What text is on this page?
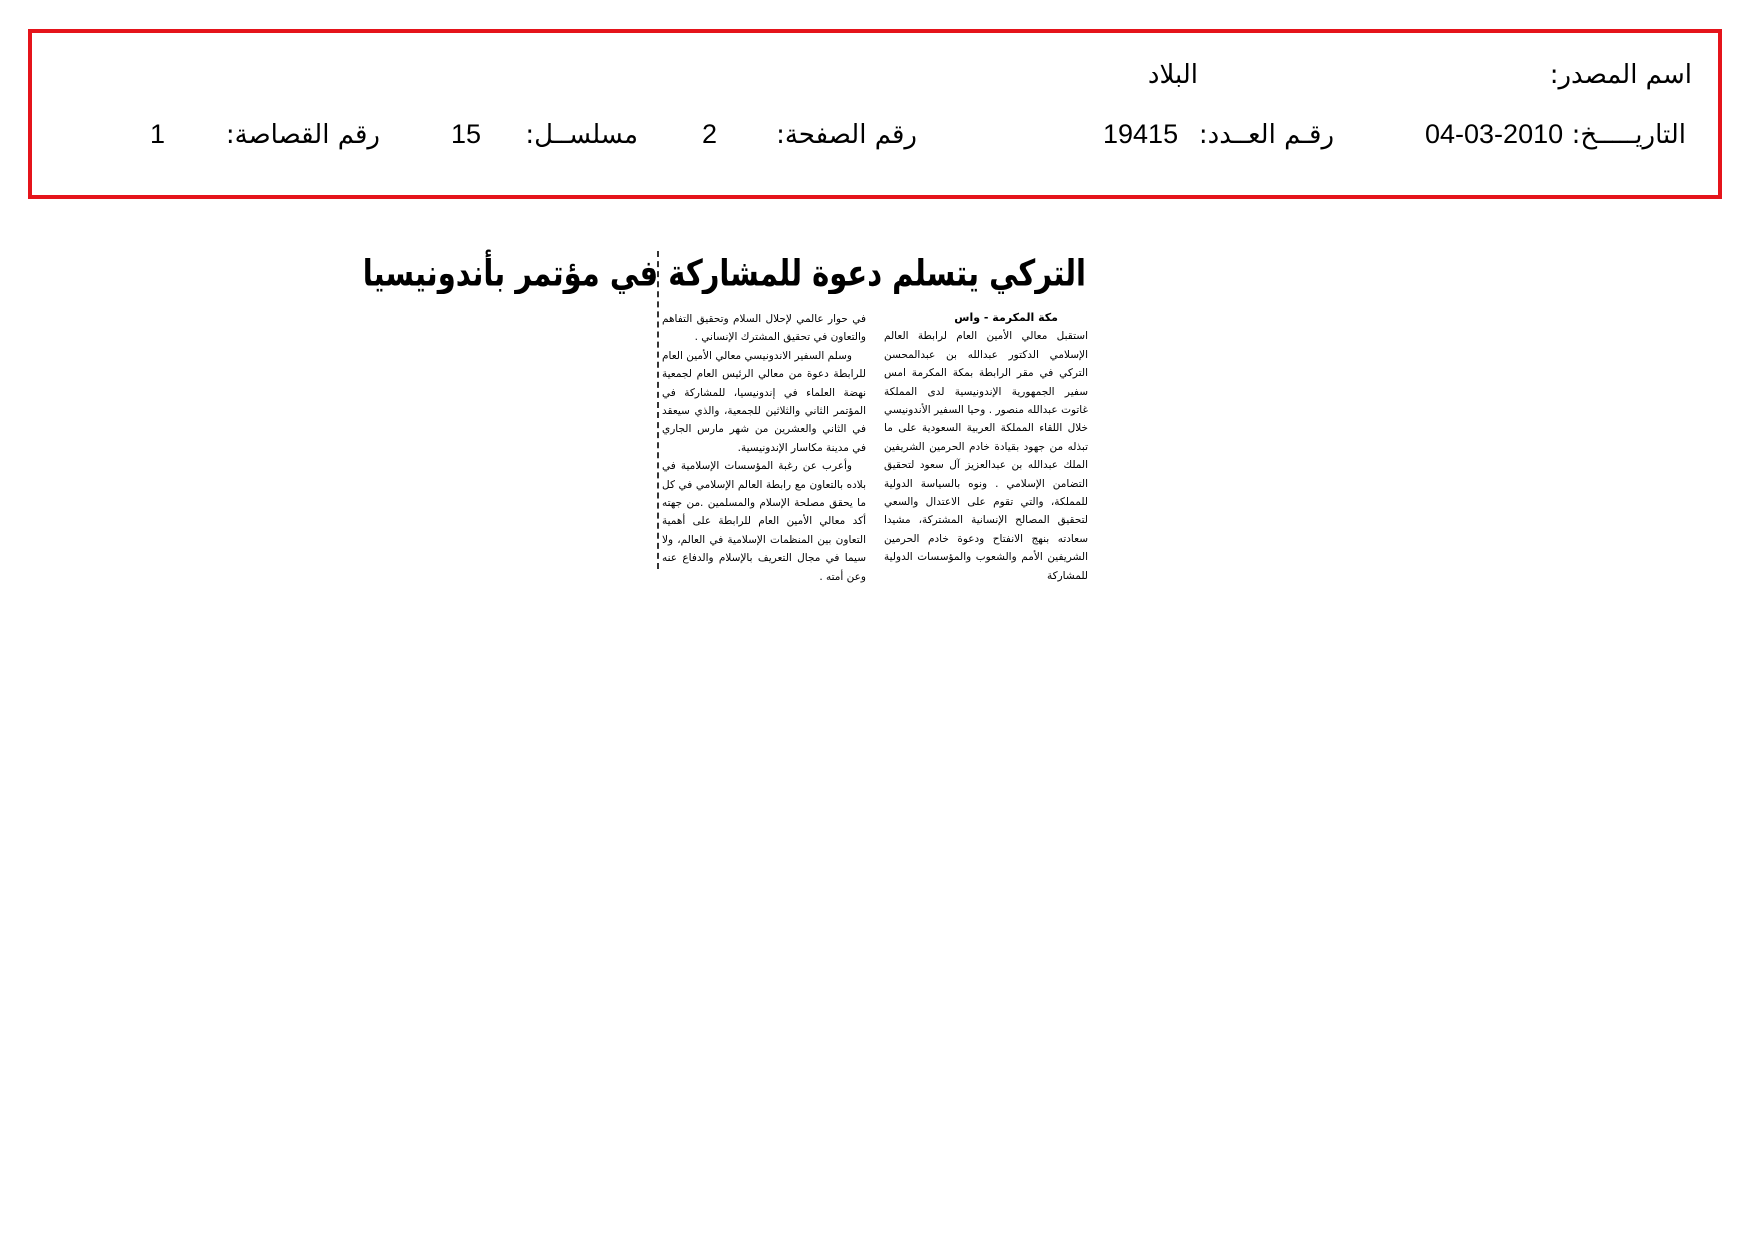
اسم المصدر:
البلاد
التاريـــــخ:
04-03-2010
رقـم العــدد:
19415
رقم الصفحة:
2
مسلســل:
15
رقم القصاصة:
1
التركي يتسلم دعوة للمشاركة في مؤتمر بأندونيسيا
مكة المكرمة - واس

استقبل معالي الأمين العام لرابطة العالم الإسلامي الدكتور عبدالله بن عبدالمحسن التركي في مقر الرابطة بمكة المكرمة امس سفير الجمهورية الإندونيسية لدى المملكة غاتوت عبدالله منصور . وحيا السفير الأندونيسي خلال اللقاء المملكة العربية السعودية على ما تبذله من جهود بقيادة خادم الحرمين الشريفين الملك عبدالله بن عبدالعزيز آل سعود لتحقيق التضامن الإسلامي . ونوه بالسياسة الدولية للمملكة، والتي تقوم على الاعتدال والسعي لتحقيق المصالح الإنسانية المشتركة، مشيدا سعادته بنهج الانفتاح ودعوة خادم الحرمين الشريفين الأمم والشعوب والمؤسسات الدولية للمشاركة

في حوار عالمي لإحلال السلام وتحقيق التفاهم والتعاون في تحقيق المشترك الإنساني .

وسلم السفير الاندونيسي معالي الأمين العام للرابطة دعوة من معالي الرئيس العام لجمعية نهضة العلماء في إندونيسيا، للمشاركة في المؤتمر الثاني والثلاثين للجمعية، والذي سيعقد في الثاني والعشرين من شهر مارس الجاري في مدينة مكاسار الإندونيسية.

وأعرب عن رغبة المؤسسات الإسلامية في بلاده بالتعاون مع رابطة العالم الإسلامي في كل ما يحقق مصلحة الإسلام والمسلمين .من جهته أكد معالي الأمين العام للرابطة على أهمية التعاون بين المنظمات الإسلامية في العالم، ولا سيما في مجال التعريف بالإسلام والدفاع عنه وعن أمته .
